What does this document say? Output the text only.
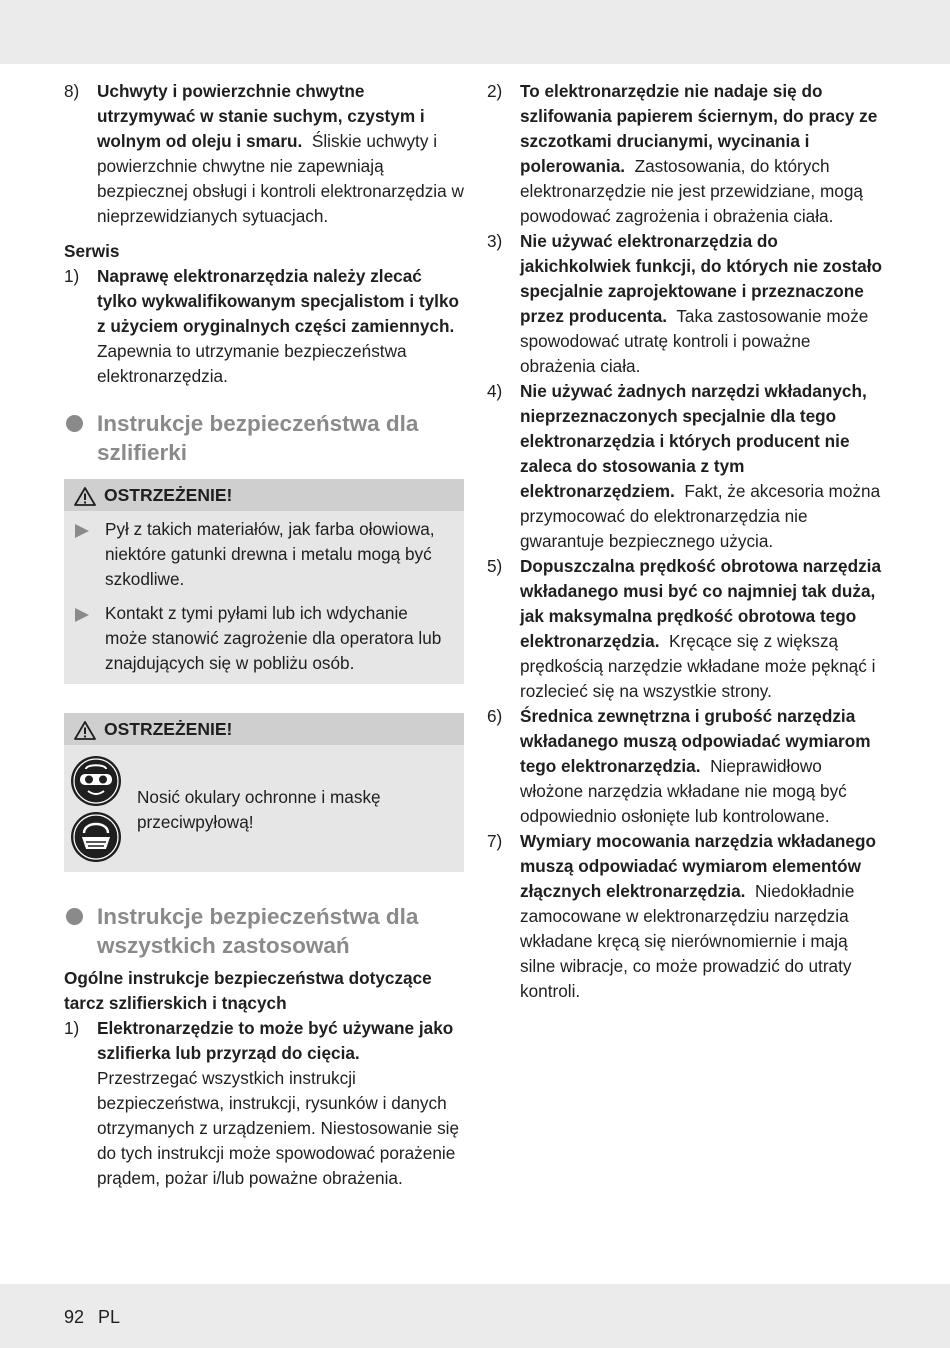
8) Uchwyty i powierzchnie chwytne utrzymywać w stanie suchym, czystym i wolnym od oleju i smaru. Śliskie uchwyty i powierzchnie chwytne nie zapewniają bezpiecznej obsługi i kontroli elektronarzędzia w nieprzewidzianych sytuacjach.
Serwis
1) Naprawę elektronarzędzia należy zlecać tylko wykwalifikowanym specjalistom i tylko z użyciem oryginalnych części zamiennych.  Zapewnia to utrzymanie bezpieczeństwa elektronarzędzia.
Instrukcje bezpieczeństwa dla szlifierki
OSTRZEŻENIE!
Pył z takich materiałów, jak farba ołowiowa, niektóre gatunki drewna i metalu mogą być szkodliwe.
Kontakt z tymi pyłami lub ich wdychanie może stanowić zagrożenie dla operatora lub znajdujących się w pobliżu osób.
OSTRZEŻENIE!
Nosić okulary ochronne i maskę przeciwpyłową!
Instrukcje bezpieczeństwa dla wszystkich zastosowań
Ogólne instrukcje bezpieczeństwa dotyczące tarcz szlifierskich i tnących
1) Elektronarzędzie to może być używane jako szlifierka lub przyrząd do cięcia.  Przestrzegać wszystkich instrukcji bezpieczeństwa, instrukcji, rysunków i danych otrzymanych z urządzeniem. Niestosowanie się do tych instrukcji może spowodować porażenie prądem, pożar i/lub poważne obrażenia.
2) To elektronarzędzie nie nadaje się do szlifowania papierem ściernym, do pracy ze szczotkami drucianymi, wycinania i polerowania. Zastosowania, do których elektronarzędzie nie jest przewidziane, mogą powodować zagrożenia i obrażenia ciała.
3) Nie używać elektronarzędzia do jakichkolwiek funkcji, do których nie zostało specjalnie zaprojektowane i przeznaczone przez producenta. Taka zastosowanie może spowodować utratę kontroli i poważne obrażenia ciała.
4) Nie używać żadnych narzędzi wkładanych, nieprzeznaczonych specjalnie dla tego elektronarzędzia i których producent nie zaleca do stosowania z tym elektronarzędziem. Fakt, że akcesoria można przymocować do elektronarzędzia nie gwarantuje bezpiecznego użycia.
5) Dopuszczalna prędkość obrotowa narzędzia wkładanego musi być co najmniej tak duża, jak maksymalna prędkość obrotowa tego elektronarzędzia. Kręcące się z większą prędkością narzędzie wkładane może pęknąć i rozlecieć się na wszystkie strony.
6) Średnica zewnętrzna i grubość narzędzia wkładanego muszą odpowiadać wymiarom tego elektronarzędzia. Nieprawidłowo włożone narzędzia wkładane nie mogą być odpowiednio osłonięte lub kontrolowane.
7) Wymiary mocowania narzędzia wkładanego muszą odpowiadać wymiarom elementów złącznych elektronarzędzia. Niedokładnie zamocowane w elektronarzędziu narzędzia wkładane kręcą się nierównomiernie i mają silne wibracje, co może prowadzić do utraty kontroli.
92 PL
